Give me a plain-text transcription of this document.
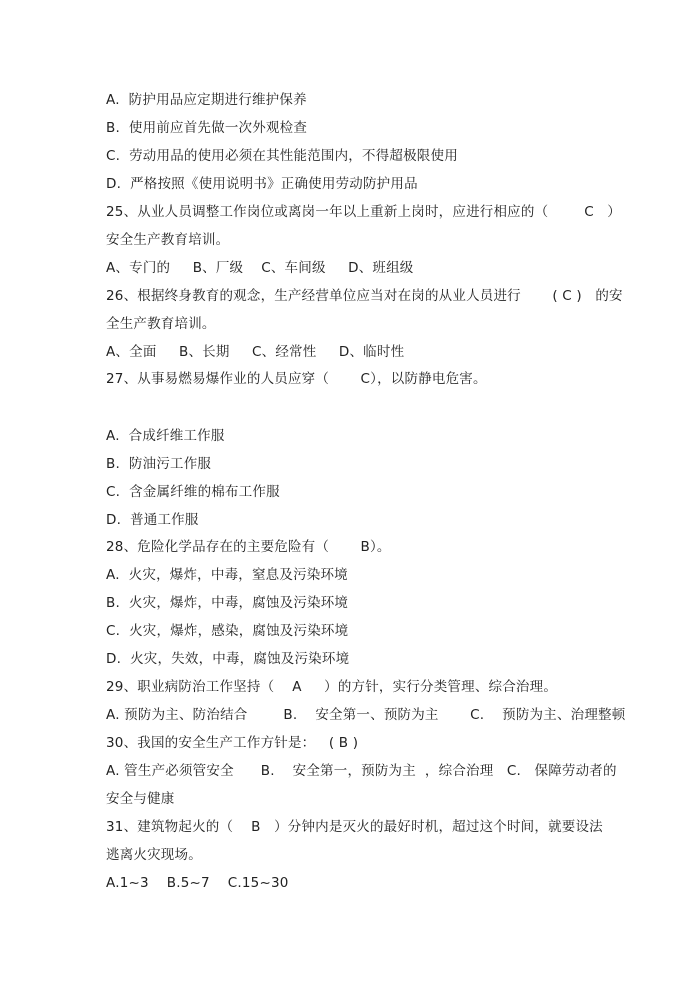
A.  防护用品应定期进行维护保养
B.  使用前应首先做一次外观检查
C.  劳动用品的使用必须在其性能范围内，不得超极限使用
D.  严格按照《使用说明书》正确使用劳动防护用品
25、从业人员调整工作岗位或离岗一年以上重新上岗时，应进行相应的（        C   ）
安全生产教育培训。
A、专门的     B、厂级    C、车间级     D、班组级
26、根据终身教育的观念，生产经营单位应当对在岗的从业人员进行       ( C )   的安
全生产教育培训。
A、全面     B、长期     C、经常性     D、临时性
27、从事易燃易爆作业的人员应穿（       C），以防静电危害。
A.  合成纤维工作服
B.  防油污工作服
C.  含金属纤维的棉布工作服
D.  普通工作服
28、危险化学品存在的主要危险有（       B）。
A.  火灾，爆炸，中毒，窒息及污染环境
B.  火灾，爆炸，中毒，腐蚀及污染环境
C.  火灾，爆炸，感染，腐蚀及污染环境
D.  火灾，失效，中毒，腐蚀及污染环境
29、职业病防治工作坚持（    A     ）的方针，实行分类管理、综合治理。
A. 预防为主、防治结合        B.    安全第一、预防为主       C.    预防为主、治理整顿
30、我国的安全生产工作方针是：   ( B )
A. 管生产必须管安全      B.    安全第一，预防为主  ，综合治理   C.   保障劳动者的
安全与健康
31、建筑物起火的（    B   ）分钟内是灭火的最好时机，超过这个时间，就要设法
逃离火灾现场。
A.1~3    B.5~7    C.15~30
